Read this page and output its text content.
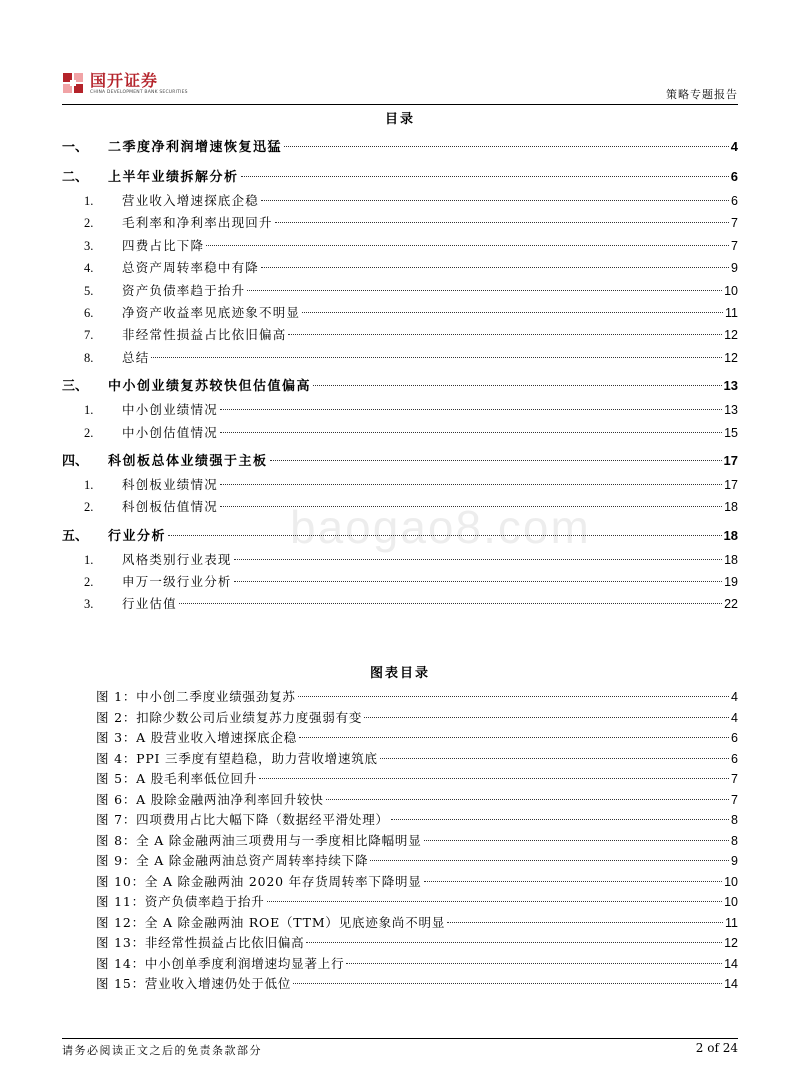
国开证券
CHINA DEVELOPMENT BANK SECURITIES	策略专题报告
目录
一、	二季度净利润增速恢复迅猛	4
二、	上半年业绩拆解分析	6
1.	营业收入增速探底企稳	6
2.	毛利率和净利率出现回升	7
3.	四费占比下降	7
4.	总资产周转率稳中有降	9
5.	资产负债率趋于抬升	10
6.	净资产收益率见底迹象不明显	11
7.	非经常性损益占比依旧偏高	12
8.	总结	12
三、	中小创业绩复苏较快但估值偏高	13
1.	中小创业绩情况	13
2.	中小创估值情况	15
四、	科创板总体业绩强于主板	17
1.	科创板业绩情况	17
2.	科创板估值情况	18
五、	行业分析	18
1.	风格类别行业表现	18
2.	申万一级行业分析	19
3.	行业估值	22
图表目录
图 1：中小创二季度业绩强劲复苏	4
图 2：扣除少数公司后业绩复苏力度强弱有变	4
图 3：A 股营业收入增速探底企稳	6
图 4：PPI 三季度有望趋稳，助力营收增速筑底	6
图 5：A 股毛利率低位回升	7
图 6：A 股除金融两油净利率回升较快	7
图 7：四项费用占比大幅下降（数据经平滑处理）	8
图 8：全 A 除金融两油三项费用与一季度相比降幅明显	8
图 9：全 A 除金融两油总资产周转率持续下降	9
图 10：全 A 除金融两油 2020 年存货周转率下降明显	10
图 11：资产负债率趋于抬升	10
图 12：全 A 除金融两油 ROE（TTM）见底迹象尚不明显	11
图 13：非经常性损益占比依旧偏高	12
图 14：中小创单季度利润增速均显著上行	14
图 15：营业收入增速仍处于低位	14
baogao8.com
请务必阅读正文之后的免责条款部分	2 of 24
